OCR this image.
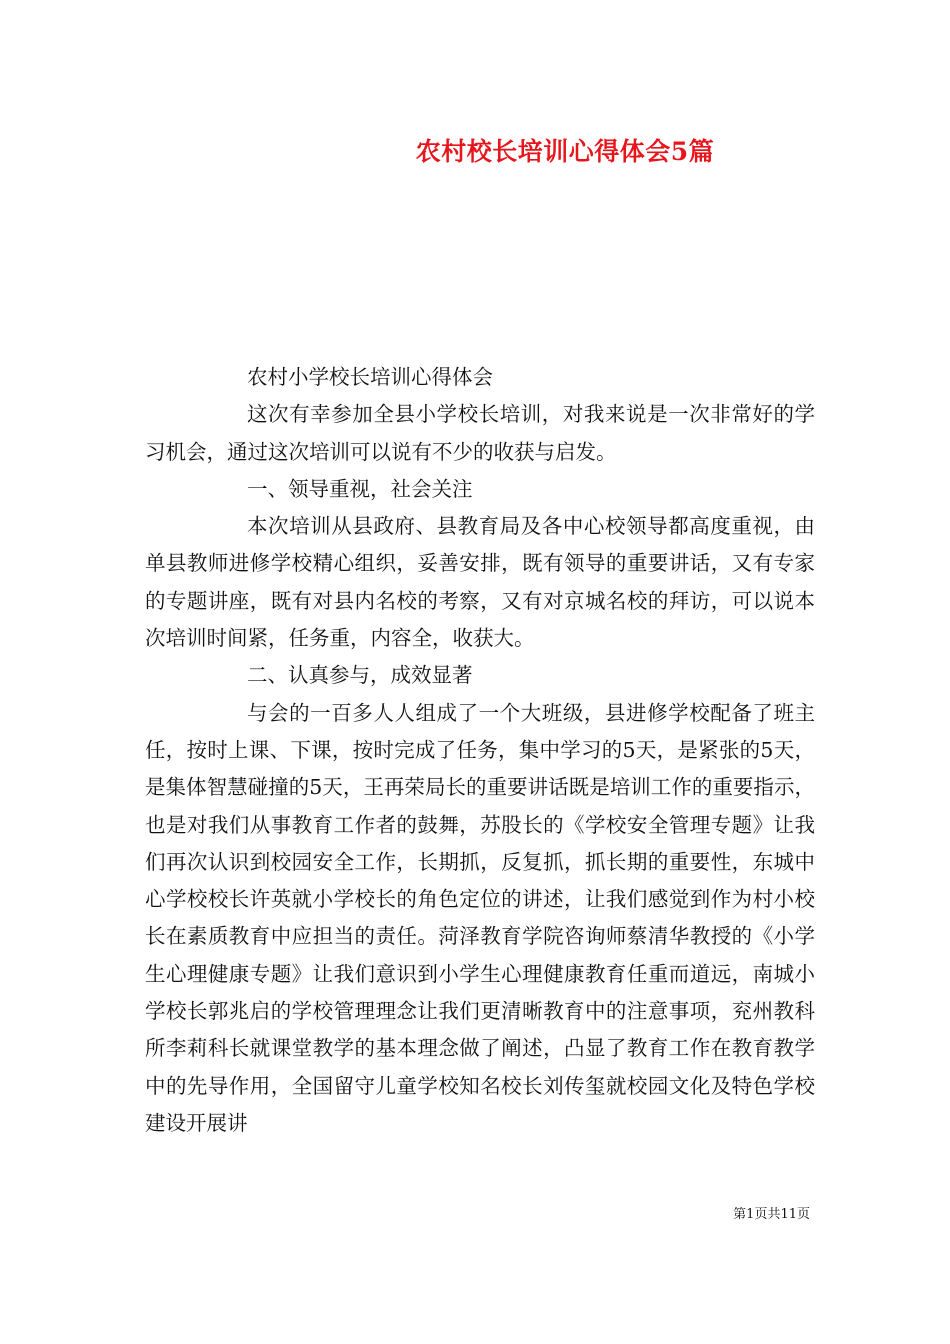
农村校长培训心得体会5篇

农村小学校长培训心得体会

这次有幸参加全县小学校长培训，对我来说是一次非常好的学习机会，通过这次培训可以说有不少的收获与启发。

一、领导重视，社会关注

本次培训从县政府、县教育局及各中心校领导都高度重视，由单县教师进修学校精心组织，妥善安排，既有领导的重要讲话，又有专家的专题讲座，既有对县内名校的考察，又有对京城名校的拜访，可以说本次培训时间紧，任务重，内容全，收获大。

二、认真参与，成效显著

与会的一百多人人组成了一个大班级，县进修学校配备了班主任，按时上课、下课，按时完成了任务，集中学习的5天，是紧张的5天，是集体智慧碰撞的5天，王再荣局长的重要讲话既是培训工作的重要指示，也是对我们从事教育工作者的鼓舞，苏股长的《学校安全管理专题》让我们再次认识到校园安全工作，长期抓，反复抓，抓长期的重要性，东城中心学校校长许英就小学校长的角色定位的讲述，让我们感觉到作为村小校长在素质教育中应担当的责任。菏泽教育学院咨询师蔡清华教授的《小学生心理健康专题》让我们意识到小学生心理健康教育任重而道远，南城小学校长郭兆启的学校管理理念让我们更清晰教育中的注意事项，兖州教科所李莉科长就课堂教学的基本理念做了阐述，凸显了教育工作在教育教学中的先导作用，全国留守儿童学校知名校长刘传玺就校园文化及特色学校建设开展讲

第1页共11页
